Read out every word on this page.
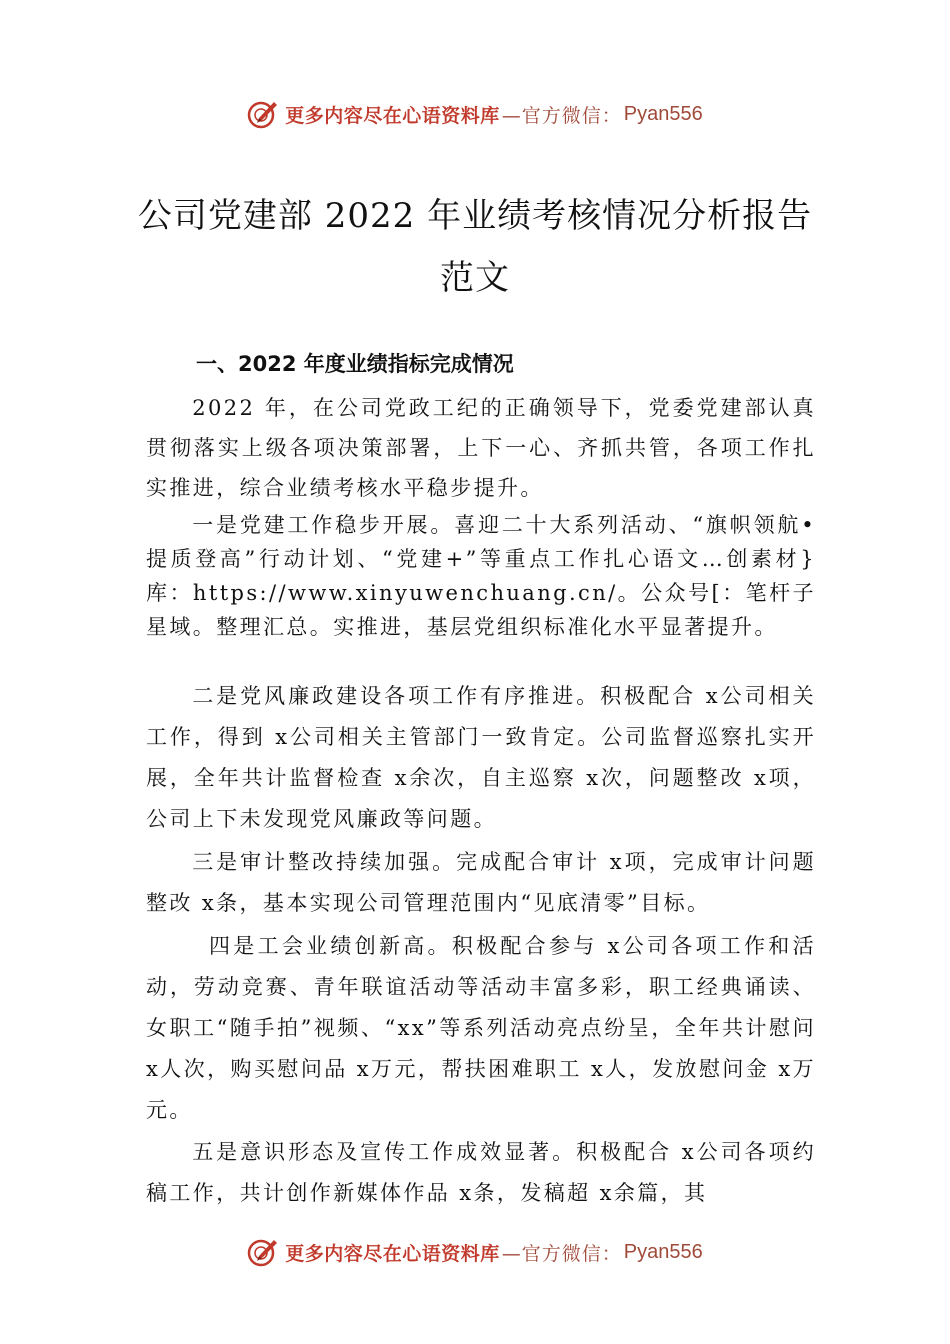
更多内容尽在心语资料库 —官方微信： Pyan556
公司党建部 2022 年业绩考核情况分析报告
范文
一、2022 年度业绩指标完成情况

2022 年，在公司党政工纪的正确领导下，党委党建部认真贯彻落实上级各项决策部署，上下一心、齐抓共管，各项工作扎实推进，综合业绩考核水平稳步提升。

一是党建工作稳步开展。喜迎二十大系列活动、“旗帜领航•提质登高”行动计划、“党建+”等重点工作扎心语文…创素材}库：https://www.xinyuwenchuang.cn/。公众号[：笔杆子星域。整理汇总。实推进，基层党组织标准化水平显著提升。

二是党风廉政建设各项工作有序推进。积极配合 x公司相关工作，得到 x公司相关主管部门一致肯定。公司监督巡察扎实开展，全年共计监督检查 x余次，自主巡察 x次，问题整改 x项，公司上下未发现党风廉政等问题。

三是审计整改持续加强。完成配合审计 x项，完成审计问题整改 x条，基本实现公司管理范围内“见底清零”目标。

四是工会业绩创新高。积极配合参与 x公司各项工作和活动，劳动竞赛、青年联谊活动等活动丰富多彩，职工经典诵读、女职工“随手拍”视频、“xx”等系列活动亮点纷呈，全年共计慰问 x人次，购买慰问品 x万元，帮扶困难职工 x人，发放慰问金 x万元。

五是意识形态及宣传工作成效显著。积极配合 x公司各项约稿工作，共计创作新媒体作品 x条，发稿超 x余篇，其

更多内容尽在心语资料库 —官方微信： Pyan556
